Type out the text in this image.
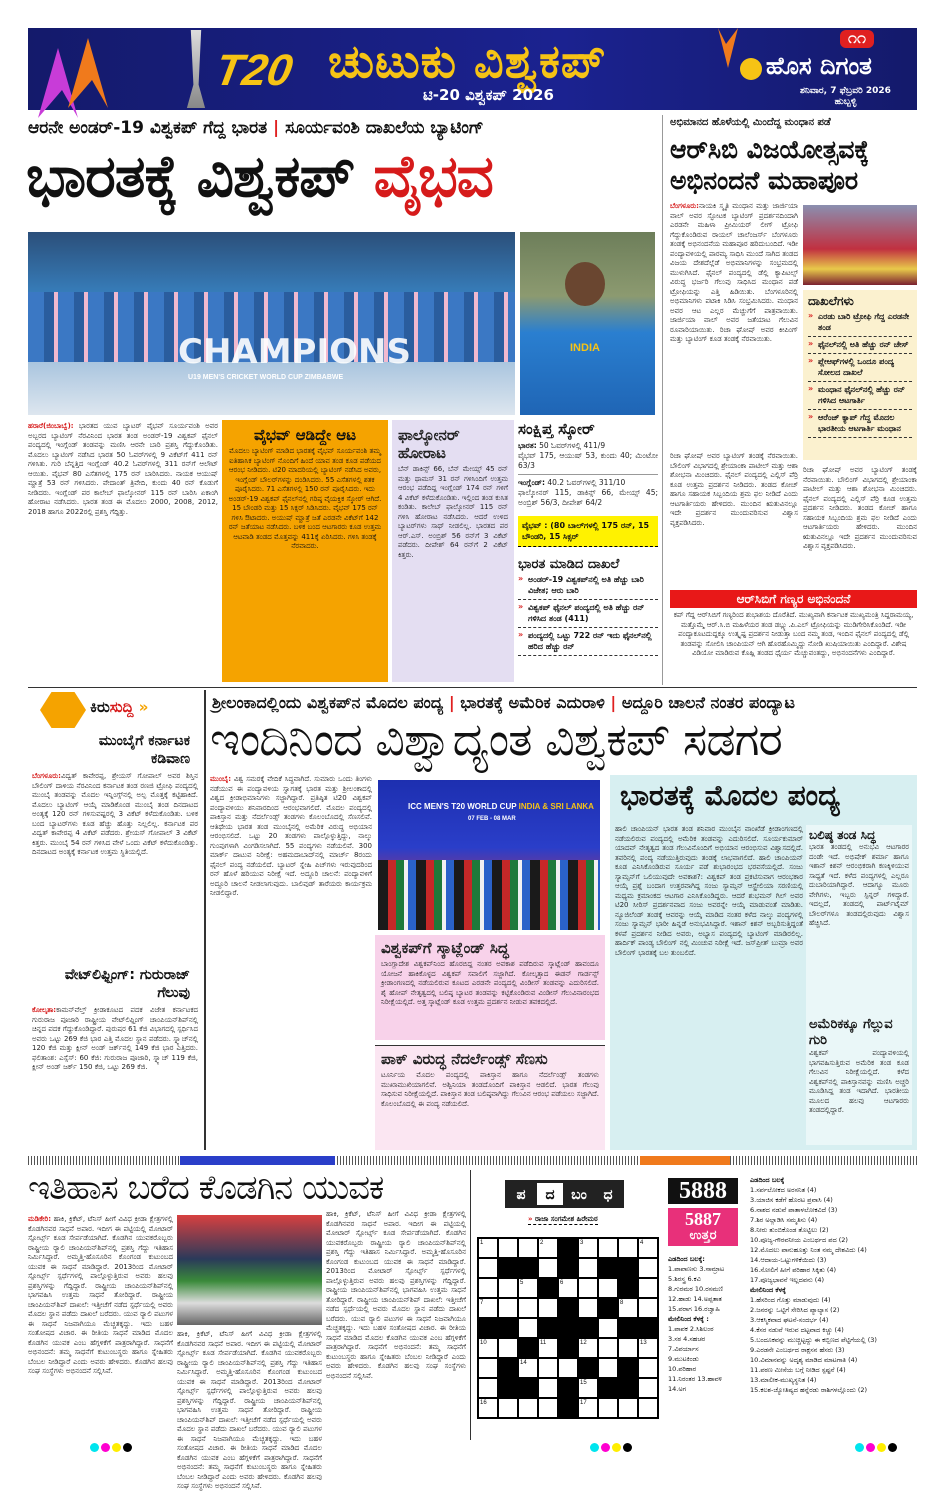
T20 ಚುಟುಕು ವಿಶ್ವಕಪ್
ಟಿ-20 ವಿಶ್ವಕಪ್ 2026
೧೧
ಹೊಸ ದಿಗಂತ
ಶನಿವಾರ, 7 ಫೆಬ್ರವರಿ 2026
ಹುಬ್ಬಳ್ಳಿ
ಆರನೇ ಅಂಡರ್-19 ವಿಶ್ವಕಪ್ ಗೆದ್ದ ಭಾರತ | ಸೂರ್ಯವಂಶಿ ದಾಖಲೆಯ ಬ್ಯಾಟಿಂಗ್
ಭಾರತಕ್ಕೆ ವಿಶ್ವಕಪ್ ವೈಭವ
CHAMPIONS
U19 MEN'S CRICKET WORLD CUP ZIMBABWE
INDIA
ಹರಾರೆ(ಜಿಂಬಾಬ್ವೆ): ಭಾರತದ ಯುವ ಬ್ಯಾಟರ್ ವೈಭವ್ ಸೂರ್ಯವಂಶಿ ಅವರ ಅಬ್ಬರದ ಬ್ಯಾಟಿಂಗ್ ನೆರವಿನಿಂದ ಭಾರತ ತಂಡ ಅಂಡರ್-19 ವಿಶ್ವಕಪ್ ಫೈನಲ್ ಪಂದ್ಯದಲ್ಲಿ ಇಂಗ್ಲೆಂಡ್ ತಂಡವನ್ನು ಮಣಿಸಿ ಆರನೇ ಬಾರಿ ಪ್ರಶಸ್ತಿ ಗೆದ್ದುಕೊಂಡಿತು. ಮೊದಲು ಬ್ಯಾಟಿಂಗ್ ನಡೆಸಿದ ಭಾರತ 50 ಓವರ್‌ಗಳಲ್ಲಿ 9 ವಿಕೆಟ್‌ಗೆ 411 ರನ್ ಗಳಿಸಿತು. ಗುರಿ ಬೆನ್ನತ್ತಿದ ಇಂಗ್ಲೆಂಡ್ 40.2 ಓವರ್‌ಗಳಲ್ಲಿ 311 ರನ್‌ಗೆ ಆಲೌಟ್ ಆಯಿತು. ವೈಭವ್ 80 ಎಸೆತಗಳಲ್ಲಿ 175 ರನ್ ಬಾರಿಸಿದರು. ನಾಯಕ ಆಯುಷ್ ಮ್ಹಾತ್ರೆ 53 ರನ್ ಗಳಿಸಿದರು. ವೇದಾಂತ್ ತ್ರಿವೇದಿ, ಕುಂದು 40 ರನ್ ಕೊಡುಗೆ ನೀಡಿದರು. ಇಂಗ್ಲೆಂಡ್ ಪರ ಕಾಲೇಬ್ ಫಾಲ್ಕೋನರ್ 115 ರನ್ ಬಾರಿಸಿ ಏಕಾಂಗಿ ಹೋರಾಟ ನಡೆಸಿದರು. ಭಾರತ ತಂಡ ಈ ಮೊದಲು 2000, 2008, 2012, 2018 ಹಾಗೂ 2022ರಲ್ಲಿ ಪ್ರಶಸ್ತಿ ಗೆದ್ದಿತ್ತು.
ವೈಭವ್ ಆಡಿದ್ದೇ ಆಟ
ಮೊದಲು ಬ್ಯಾಟಿಂಗ್ ಮಾಡಿದ ಭಾರತಕ್ಕೆ ವೈಭವ್ ಸೂರ್ಯವಂಶಿ ತಮ್ಮ ಐತಿಹಾಸಿಕ ಬ್ಯಾಟಿಂಗ್ ನೊಂದಿಗೆ ಹಿಂದೆ ಯಾವ ತಂಡ ಕೂಡ ಪಡೆಯದ ಆರಂಭ ನೀಡಿದರು. ಟಿ20 ಮಾದರಿಯಲ್ಲಿ ಬ್ಯಾಟಿಂಗ್ ನಡೆಸಿದ ಅವರು, ಇಂಗ್ಲೆಂಡ್ ಬೌಲರ್‌ಗಳನ್ನು ದಂಡಿಸಿದರು. 55 ಎಸೆತಗಳಲ್ಲಿ ಶತಕ ಪೂರೈಸಿದರು. 71 ಎಸೆತಗಳಲ್ಲಿ 150 ರನ್ ಪೂರೈಸಿದರು. ಇದು ಅಂಡರ್-19 ವಿಶ್ವಕಪ್ ಫೈನಲ್‌ನಲ್ಲಿ ಗರಿಷ್ಠ ವೈಯಕ್ತಿಕ ಸ್ಕೋರ್ ಆಗಿದೆ. 15 ಬೌಂಡರಿ ಮತ್ತು 15 ಸಿಕ್ಸರ್ ಸಿಡಿಸಿದರು. ವೈಭವ್ 175 ರನ್ ಗಳಿಸಿ ಔಟಾದರು. ಅಯುಷ್ ಮ್ಹಾತ್ರೆ ಜತೆ ಎರಡನೇ ವಿಕೆಟ್‌ಗೆ 142 ರನ್ ಜತೆಯಾಟ ನಡೆಸಿದರು. ಬಳಿಕ ಬಂದ ಆಟಗಾರರು ಕೂಡ ಉತ್ತಮ ಆಟವಾಡಿ ತಂಡದ ಮೊತ್ತವನ್ನು 411ಕ್ಕೆ ಏರಿಸಿದರು. ಗಳಿಸಿ ತಂಡಕ್ಕೆ ನೆರವಾದರು.
ಫಾಲ್ಕೋನರ್ ಹೋರಾಟ
ಬೆನ್ ಡಾಕಿನ್ಸ್ 66, ಬೆನ್ ಮೇಯ್ಸ್ 45 ರನ್ ಮತ್ತು ಥಾಮಸ್ 31 ರನ್ ಗಳಿಸಿಂದಿಗೆ ಉತ್ತಮ ಆರಂಭ ಪಡೆದಿದ್ದ ಇಂಗ್ಲೆಂಡ್ 174 ರನ್ ಗಳಿಗೆ 4 ವಿಕೆಟ್ ಕಳೆದುಕೊಂಡಿತು. ಇಲ್ಲಿಂದ ತಂಡ ಕುಸಿತ ಕಂಡಿತು. ಕಾಲೇಬ್ ಫಾಲ್ಕೋನರ್ 115 ರನ್ ಗಳಿಸಿ ಹೋರಾಟ ನಡೆಸಿದರು. ಆದರೆ ಉಳಿದ ಬ್ಯಾಟರ್‌ಗಳು ಸಾಥ್ ನೀಡಲಿಲ್ಲ. ಭಾರತದ ಪರ ಆರ್.ಎಸ್. ಅಂಬ್ರಿಶ್ 56 ರನ್‌ಗೆ 3 ವಿಕೆಟ್ ಪಡೆದರು. ದೀಪೇಶ್ 64 ರನ್‌ಗೆ 2 ವಿಕೆಟ್ ಕಿತ್ತರು.
ಸಂಕ್ಷಿಪ್ತ ಸ್ಕೋರ್
ಭಾರತ: 50 ಓವರ್‌ಗಳಲ್ಲಿ 411/9
ವೈಭವ್ 175, ಆಯುಷ್ 53, ಕುಂದು 40; ಮಿಂಟೋ 63/3
ಇಂಗ್ಲೆಂಡ್: 40.2 ಓವರ್‌ಗಳಲ್ಲಿ 311/10
ಫಾಲ್ಕೋನರ್ 115, ಡಾಕಿನ್ಸ್ 66, ಮೇಯ್ಸ್ 45; ಅಂಬ್ರಿಶ್ 56/3, ದೀಪೇಶ್ 64/2
ವೈಭವ್ : (80 ಬಾಲ್‌ಗಳಲ್ಲಿ 175 ರನ್, 15 ಬೌಂಡರಿ, 15 ಸಿಕ್ಸರ್
ಭಾರತ ಮಾಡಿದ ದಾಖಲೆ
» ಅಂಡರ್-19 ವಿಶ್ವಕಪ್‌ನಲ್ಲಿ ಅತಿ ಹೆಚ್ಚು ಬಾರಿ ವಿಜೇತ; ಆರು ಬಾರಿ
» ವಿಶ್ವಕಪ್ ಫೈನಲ್ ಪಂದ್ಯದಲ್ಲಿ ಅತಿ ಹೆಚ್ಚು ರನ್ ಗಳಿಸಿದ ತಂಡ (411)
» ಪಂದ್ಯದಲ್ಲಿ ಒಟ್ಟು 722 ರನ್ ಇದು ಫೈನಲ್‌ನಲ್ಲಿ ಹರಿದ ಹೆಚ್ಚು ರನ್
ಅಭಿಮಾನದ ಹೊಳೆಯಲ್ಲಿ ಮಿಂದೆದ್ದ ಮಂಧಾನ ಪಡೆ
ಆರ್‌ಸಿಬಿ ವಿಜಯೋತ್ಸವಕ್ಕೆ
ಅಭಿನಂದನೆ ಮಹಾಪೂರ
ಬೆಂಗಳೂರು:ನಾಯಕಿ ಸ್ಮೃತಿ ಮಂಧಾನ ಮತ್ತು ಜಾರ್ಜಿಯಾ ವಾಲ್ ಅವರ ಸ್ಫೋಟಕ ಬ್ಯಾಟಿಂಗ್ ಪ್ರದರ್ಶನದಿಂದಾಗಿ ಎರಡನೇ ಮಹಿಳಾ ಪ್ರೀಮಿಯರ್ ಲೀಗ್ ಟ್ರೋಫಿ ಗೆದ್ದುಕೊಂಡಿರುವ ರಾಯಲ್ ಚಾಲೆಂಜರ್ಸ್ ಬೆಂಗಳೂರು ತಂಡಕ್ಕೆ ಅಭಿನಂದನೆಯ ಮಹಾಪೂರ ಹರಿದುಬಂದಿದೆ. ಇಡೀ ಪಂದ್ಯಾವಳಿಯಲ್ಲಿ ಪಾರಮ್ಯ ಸಾಧಿಸಿ ಮುಂದೆ ಸಾಗಿದ ತಂಡದ ವಿಜಯ ದೇಶದೆಲ್ಲೆಡೆ ಅಭಿಮಾನಿಗಳನ್ನು ಸಂಭ್ರಮದಲ್ಲಿ ಮುಳುಗಿಸಿದೆ. ಫೈನಲ್ ಪಂದ್ಯದಲ್ಲಿ ಡೆಲ್ಲಿ ಕ್ಯಾಪಿಟಲ್ಸ್ ವಿರುದ್ಧ ಭರ್ಜರಿ ಗೆಲುವು ಸಾಧಿಸಿದ ಮಂಧಾನ ಪಡೆ ಟ್ರೋಫಿಯನ್ನು ಎತ್ತಿ ಹಿಡಿಯಿತು. ಬೆಂಗಳೂರಿನಲ್ಲಿ ಅಭಿಮಾನಿಗಳು ಪಟಾಕಿ ಸಿಡಿಸಿ ಸಂಭ್ರಮಿಸಿದರು. ಮಂಧಾನ ಅವರ ಆಟ ಎಲ್ಲರ ಮೆಚ್ಚುಗೆಗೆ ಪಾತ್ರವಾಯಿತು. ಜಾರ್ಜಿಯಾ ವಾಲ್ ಅವರ ಜತೆಯಾಟ ಗೆಲುವಿನ ರೂವಾರಿಯಾಯಿತು. ರಿಚಾ ಘೋಷ್ ಅವರ ಕೀಪಿಂಗ್ ಮತ್ತು ಬ್ಯಾಟಿಂಗ್ ಕೂಡ ತಂಡಕ್ಕೆ ನೆರವಾಯಿತು.
ದಾಖಲೆಗಳು
» ಎರಡು ಬಾರಿ ಟ್ರೋಫಿ ಗೆದ್ದ ಎರಡನೇ ತಂಡ
» ಫೈನಲ್‌ನಲ್ಲಿ ಅತಿ ಹೆಚ್ಚು ರನ್ ಚೇಸ್
» ಪ್ಲೇಆಫ್‌ಗಳಲ್ಲಿ ಒಂದೂ ಪಂದ್ಯ ಸೋಲದ ದಾಖಲೆ
» ಮಂಧಾನ ಫೈನಲ್‌ನಲ್ಲಿ ಹೆಚ್ಚು ರನ್ ಗಳಿಸಿದ ಆಟಗಾರ್ತಿ
» ಆರೆಂಜ್ ಕ್ಯಾಪ್ ಗೆದ್ದ ಮೊದಲ ಭಾರತೀಯ ಆಟಗಾರ್ತಿ ಮಂಧಾನ
ರಿಚಾ ಘೋಷ್ ಅವರ ಬ್ಯಾಟಿಂಗ್ ತಂಡಕ್ಕೆ ನೆರವಾಯಿತು. ಬೌಲಿಂಗ್ ವಿಭಾಗದಲ್ಲಿ ಶ್ರೇಯಾಂಕಾ ಪಾಟೀಲ್ ಮತ್ತು ಆಶಾ ಶೋಭನಾ ಮಿಂಚಿದರು. ಫೈನಲ್ ಪಂದ್ಯದಲ್ಲಿ ಎಲ್ಲಿಸ್ ಪೆರ್ರಿ ಕೂಡ ಉತ್ತಮ ಪ್ರದರ್ಶನ ನೀಡಿದರು. ತಂಡದ ಕೋಚ್ ಹಾಗೂ ಸಹಾಯಕ ಸಿಬ್ಬಂದಿಯ ಶ್ರಮ ಫಲ ನೀಡಿದೆ ಎಂದು ಆಟಗಾರ್ತಿಯರು ಹೇಳಿದರು. ಮುಂದಿನ ಋತುವಿನಲ್ಲೂ ಇದೇ ಪ್ರದರ್ಶನ ಮುಂದುವರಿಸುವ ವಿಶ್ವಾಸ ವ್ಯಕ್ತಪಡಿಸಿದರು.
ರಿಚಾ ಘೋಷ್ ಅವರ ಬ್ಯಾಟಿಂಗ್ ತಂಡಕ್ಕೆ ನೆರವಾಯಿತು. ಬೌಲಿಂಗ್ ವಿಭಾಗದಲ್ಲಿ ಶ್ರೇಯಾಂಕಾ ಪಾಟೀಲ್ ಮತ್ತು ಆಶಾ ಶೋಭನಾ ಮಿಂಚಿದರು. ಫೈನಲ್ ಪಂದ್ಯದಲ್ಲಿ ಎಲ್ಲಿಸ್ ಪೆರ್ರಿ ಕೂಡ ಉತ್ತಮ ಪ್ರದರ್ಶನ ನೀಡಿದರು. ತಂಡದ ಕೋಚ್ ಹಾಗೂ ಸಹಾಯಕ ಸಿಬ್ಬಂದಿಯ ಶ್ರಮ ಫಲ ನೀಡಿದೆ ಎಂದು ಆಟಗಾರ್ತಿಯರು ಹೇಳಿದರು. ಮುಂದಿನ ಋತುವಿನಲ್ಲೂ ಇದೇ ಪ್ರದರ್ಶನ ಮುಂದುವರಿಸುವ ವಿಶ್ವಾಸ ವ್ಯಕ್ತಪಡಿಸಿದರು.
ಆರ್‌ಸಿಬಿಗೆ ಗಣ್ಯರ ಅಭಿನಂದನೆ
ಕಪ್ ಗೆದ್ದ ಆರ್‌ಸಿಬಿಗೆ ಗಣ್ಯರಿಂದ ಶುಭಾಶಯ ದೊರೆತಿದೆ. ಮುಖ್ಯವಾಗಿ ಕರ್ನಾಟಕ ಮುಖ್ಯಮಂತ್ರಿ ಸಿದ್ದರಾಮಯ್ಯ, ಮತ್ತೊಮ್ಮೆ ಆರ್.ಸಿ.ಬಿ ಮಹಿಳೆಯರ ತಂಡ ಡಬ್ಲ್ಯು.ಪಿ.ಎಲ್ ಟ್ರೋಫಿಯನ್ನು ಮುಡಿಗೇರಿಸಿಕೊಂಡಿದೆ. ಇಡೀ ಪಂದ್ಯಾಕೂಟದುದ್ದಕ್ಕೂ ಉತ್ಕೃಷ್ಟ ಪ್ರದರ್ಶನ ನೀಡುತ್ತಾ ಬಂದ ನಮ್ಮ ತಂಡ, ಇಂದಿನ ಫೈನಲ್ ಪಂದ್ಯದಲ್ಲಿ ಡೆಲ್ಲಿ ತಂಡವನ್ನು ಸೋಲಿಸಿ ಚಾಂಪಿಯನ್ ಆಗಿ ಹೊರಹೊಮ್ಮಿದ್ದು ನೋಡಿ ಖುಷಿಯಾಯಿತು ಎಂದಿದ್ದಾರೆ. ವಿಶೇಷ ವಿಡಿಯೋ ಮಾಡಿರುವ ಕೊಹ್ಲಿ ತಂಡದ ಧೈರ್ಯ ಮೆಚ್ಚುವಂತದ್ದು, ಅಭಿನಂದನೆಗಳು ಎಂದಿದ್ದಾರೆ.
ಕಿರುಸುದ್ದಿ »
ಮುಂಬೈಗೆ ಕರ್ನಾಟಕ ಕಡಿವಾಣ
ಬೆಂಗಳೂರು:ವಿದ್ವತ್ ಕಾವೇರಪ್ಪ, ಶ್ರೇಯಸ್ ಗೋಪಾಲ್ ಅವರ ಶಿಸ್ತಿನ ಬೌಲಿಂಗ್ ದಾಳಿಯ ನೆರವಿನಿಂದ ಕರ್ನಾಟಕ ತಂಡ ರಣಜಿ ಟ್ರೋಫಿ ಪಂದ್ಯದಲ್ಲಿ ಮುಂಬೈ ತಂಡವನ್ನು ಮೊದಲ ಇನ್ನಿಂಗ್ಸ್‌ನಲ್ಲಿ ಅಲ್ಪ ಮೊತ್ತಕ್ಕೆ ಕಟ್ಟಿಹಾಕಿದೆ. ಮೊದಲು ಬ್ಯಾಟಿಂಗ್ ಆಯ್ಕೆ ಮಾಡಿಕೊಂಡ ಮುಂಬೈ ತಂಡ ದಿನದಾಟದ ಅಂತ್ಯಕ್ಕೆ 120 ರನ್ ಗಳಿಸುವಷ್ಟರಲ್ಲಿ 3 ವಿಕೆಟ್ ಕಳೆದುಕೊಂಡಿತು. ಬಳಿಕ ಬಂದ ಬ್ಯಾಟರ್‌ಗಳು ಕೂಡ ಹೆಚ್ಚು ಹೊತ್ತು ನಿಲ್ಲಲಿಲ್ಲ. ಕರ್ನಾಟಕ ಪರ ವಿದ್ವತ್ ಕಾವೇರಪ್ಪ 4 ವಿಕೆಟ್ ಪಡೆದರು. ಶ್ರೇಯಸ್ ಗೋಪಾಲ್ 3 ವಿಕೆಟ್ ಕಿತ್ತರು. ಮುಂಬೈ 54 ರನ್ ಗಳಿಸಿದ ವೇಳೆ ಒಂದು ವಿಕೆಟ್ ಕಳೆದುಕೊಂಡಿತ್ತು. ದಿನದಾಟದ ಅಂತ್ಯಕ್ಕೆ ಕರ್ನಾಟಕ ಉತ್ತಮ ಸ್ಥಿತಿಯಲ್ಲಿದೆ.
ವೇಟ್‌ಲಿಫ್ಟಿಂಗ್: ಗುರುರಾಜ್ ಗೆಲುವು
ಕೋಲ್ಕತಾ:ಕಾಮನ್‌ವೆಲ್ತ್ ಕ್ರೀಡಾಕೂಟದ ಪದಕ ವಿಜೇತ ಕರ್ನಾಟಕದ ಗುರುರಾಜ ಪೂಜಾರಿ ರಾಷ್ಟ್ರೀಯ ವೇಟ್‌ಲಿಫ್ಟಿಂಗ್ ಚಾಂಪಿಯನ್‌ಶಿಪ್‌ನಲ್ಲಿ ಚಿನ್ನದ ಪದಕ ಗೆದ್ದುಕೊಂಡಿದ್ದಾರೆ. ಪುರುಷರ 61 ಕೆಜಿ ವಿಭಾಗದಲ್ಲಿ ಸ್ಪರ್ಧಿಸಿದ ಅವರು ಒಟ್ಟು 269 ಕೆಜಿ ಭಾರ ಎತ್ತಿ ಮೊದಲ ಸ್ಥಾನ ಪಡೆದರು. ಸ್ನ್ಯಾಚ್‌ನಲ್ಲಿ 120 ಕೆಜಿ ಮತ್ತು ಕ್ಲೀನ್ ಅಂಡ್ ಜರ್ಕ್‌ನಲ್ಲಿ 149 ಕೆಜಿ ಭಾರ ಎತ್ತಿದರು. ಫಲಿತಾಂಶ: ಎಸ್ಸೆಸ್: 60 ಕೆಜಿ: ಗುರುರಾಜ ಪೂಜಾರಿ, ಸ್ನ್ಯಾಚ್ 119 ಕೆಜಿ, ಕ್ಲೀನ್ ಅಂಡ್ ಜರ್ಕ್ 150 ಕೆಜಿ, ಒಟ್ಟು 269 ಕೆಜಿ.
ಶ್ರೀಲಂಕಾದಲ್ಲಿಂದು ವಿಶ್ವಕಪ್‌ನ ಮೊದಲ ಪಂದ್ಯ | ಭಾರತಕ್ಕೆ ಅಮೆರಿಕ ಎದುರಾಳಿ | ಅದ್ದೂರಿ ಚಾಲನೆ ನಂತರ ಪಂದ್ಯಾಟ
ಇಂದಿನಿಂದ ವಿಶ್ವಾದ್ಯಂತ ವಿಶ್ವಕಪ್ ಸಡಗರ
ಮುಂಬೈ: ವಿಶ್ವ ಸಮರಕ್ಕೆ ವೇದಿಕೆ ಸಿದ್ಧವಾಗಿದೆ. ಸುಮಾರು ಒಂದು ತಿಂಗಳು ನಡೆಯುವ ಈ ಪಂದ್ಯಾವಳಿಯ ಸ್ವಾಗತಕ್ಕೆ ಭಾರತ ಮತ್ತು ಶ್ರೀಲಂಕಾದಲ್ಲಿ ವಿಶ್ವದ ಕ್ರೀಡಾಭಿಮಾನಿಗಳು ಸಜ್ಜಾಗಿದ್ದಾರೆ. ಪ್ರತಿಷ್ಠಿತ ಟಿ20 ವಿಶ್ವಕಪ್ ಪಂದ್ಯಾವಳಿಯು ಶನಿವಾರದಿಂದ ಆರಂಭವಾಗಲಿದೆ. ಮೊದಲ ಪಂದ್ಯದಲ್ಲಿ ಪಾಕಿಸ್ತಾನ ಮತ್ತು ನೆದರ್ಲೆಂಡ್ಸ್ ತಂಡಗಳು ಕೊಲಂಬೊದಲ್ಲಿ ಸೆಣಸಲಿವೆ. ಆತಿಥೇಯ ಭಾರತ ತಂಡ ಮುಂಬೈನಲ್ಲಿ ಅಮೆರಿಕ ವಿರುದ್ಧ ಅಭಿಯಾನ ಆರಂಭಿಸಲಿದೆ. ಒಟ್ಟು 20 ತಂಡಗಳು ಪಾಲ್ಗೊಳ್ಳುತ್ತಿದ್ದು, ನಾಲ್ಕು ಗುಂಪುಗಳಾಗಿ ವಿಂಗಡಿಸಲಾಗಿದೆ. 55 ಪಂದ್ಯಗಳು ನಡೆಯಲಿವೆ. 300 ಮಾರ್ಕ್ ದಾಟುವ ನಿರೀಕ್ಷೆ: ಅಹಮದಾಬಾದ್‌ನಲ್ಲಿ ಮಾರ್ಚ್ 8ರಂದು ಫೈನಲ್ ಪಂದ್ಯ ನಡೆಯಲಿದೆ. ಬ್ಯಾಟರ್ ಸ್ನೇಹಿ ಪಿಚ್‌ಗಳು ಇರುವುದರಿಂದ ರನ್ ಹೊಳೆ ಹರಿಯುವ ನಿರೀಕ್ಷೆ ಇದೆ. ಅದ್ದೂರಿ ಚಾಲನೆ: ಪಂದ್ಯಾವಳಿಗೆ ಅದ್ದೂರಿ ಚಾಲನೆ ನೀಡಲಾಗುವುದು. ಬಾಲಿವುಡ್ ತಾರೆಯರು ಕಾರ್ಯಕ್ರಮ ನೀಡಲಿದ್ದಾರೆ.
ICC MEN'S T20 WORLD CUP INDIA & SRI LANKA
07 FEB - 08 MAR
ವಿಶ್ವಕಪ್‌ಗೆ ಸ್ಕಾಟ್ಲೆಂಡ್ ಸಿದ್ಧ
ಬಾಂಗ್ಲಾದೇಶ ವಿಶ್ವಕಪ್‌ನಿಂದ ಹೊರಬಿದ್ದ ನಂತರ ಅವಕಾಶ ಪಡೆದಿರುವ ಸ್ಕಾಟ್ಲೆಂಡ್ ಹಾವಂದೂ ಯೋಜನೆ ಹಾಕಿಕೊಳ್ಳದ ವಿಶ್ವಕಪ್ ಸವಾಲಿಗೆ ಸಜ್ಜಾಗಿದೆ. ಕೋಲ್ಕತ್ತಾದ ಈಡನ್ ಗಾರ್ಡನ್ಸ್ ಕ್ರೀಡಾಂಗಣದಲ್ಲಿ ನಡೆಯಲಿರುವ ಕೂಟದ ಎರಡನೇ ಪಂದ್ಯದಲ್ಲಿ ವಿಂಡೀಸ್ ತಂಡವನ್ನು ಎದುರಿಸಲಿದೆ. ಶೈ ಹೋಪ್ ನೇತೃತ್ವದಲ್ಲಿ ಬಲಿಷ್ಠ ಬ್ಯಾಟರ ತಂಡವನ್ನು ಕಟ್ಟಿಕೊಂಡಿರುವ ವಿಂಡೀಸ್ ಗೆಲುವಿನಾರಂಭದ ನಿರೀಕ್ಷೆಯಲ್ಲಿದೆ. ಅತ್ತ ಸ್ಕಾಟ್ಲೆಂಡ್ ಕೂಡ ಉತ್ತಮ ಪ್ರದರ್ಶನ ನೀಡುವ ತವಕದಲ್ಲಿದೆ.
ಪಾಕ್ ವಿರುದ್ಧ ನೆದರ್ಲೆಂಡ್ಸ್ ಸೆಣಸು
ಟೂರ್ನಿಯ ಮೊದಲ ಪಂದ್ಯದಲ್ಲಿ ಪಾಕಿಸ್ತಾನ ಹಾಗೂ ನೆದರ್ಲೆಂಡ್ಸ್ ತಂಡಗಳು ಮುಖಾಮುಖಿಯಾಗಲಿವೆ. ಅಶ್ವಿನಿಯಾ ತಂಡದೊಂದಿಗೆ ಪಾಕಿಸ್ತಾನ ಆಡಲಿದೆ. ಭಾರತ ಗೆಲುವು ಸಾಧಿಸುವ ನಿರೀಕ್ಷೆಯಲ್ಲಿದೆ. ಪಾಕಿಸ್ತಾನ ತಂಡ ಬಲಿಷ್ಠವಾಗಿದ್ದು ಗೆಲುವಿನ ಆರಂಭ ಪಡೆಯಲು ಸಜ್ಜಾಗಿದೆ. ಕೊಲಂಬೊದಲ್ಲಿ ಈ ಪಂದ್ಯ ನಡೆಯಲಿದೆ.
ಭಾರತಕ್ಕೆ ಮೊದಲ ಪಂದ್ಯ
ಹಾಲಿ ಚಾಂಪಿಯನ್ ಭಾರತ ತಂಡ ಶನಿವಾರ ಮುಂಬೈನ ವಾಂಖೆಡೆ ಕ್ರೀಡಾಂಗಣದಲ್ಲಿ ನಡೆಯಲಿರುವ ಪಂದ್ಯದಲ್ಲಿ ಅಮೆರಿಕ ತಂಡವನ್ನು ಎದುರಿಸಲಿದೆ. ಸೂರ್ಯಕುಮಾರ್ ಯಾದವ್ ನೇತೃತ್ವದ ತಂಡ ಗೆಲುವಿನೊಂದಿಗೆ ಅಭಿಯಾನ ಆರಂಭಿಸುವ ವಿಶ್ವಾಸದಲ್ಲಿದೆ. ತವರಿನಲ್ಲಿ ಪಂದ್ಯ ನಡೆಯುತ್ತಿರುವುದು ತಂಡಕ್ಕೆ ಲಾಭವಾಗಲಿದೆ. ಹಾಲಿ ಚಾಂಪಿಯನ್ ಕೂಡ ಎನಿಸಿಕೊಂಡಿರುವ ಸೂರ್ಯ ಪಡೆ ಶುಭಾರಂಭದ ಭರವಸೆಯಲ್ಲಿದೆ. ಸಂಜು ಸ್ಯಾಮ್ಸನ್‌ಗೆ ಒಲಿಯುವುದೇ ಅವಕಾಶ?: ವಿಶ್ವಕಪ್ ತಂಡ ಪ್ರಕಟಿಸುವಾಗ ಆರಂಭಕಾರ ಆಯ್ಕೆ ಪ್ರಶ್ನೆ ಬಂದಾಗ ಉತ್ತರವಾಗಿದ್ದ ಸಂಜು ಸ್ಯಾಮ್ಸನ್ ಆಸ್ಟ್ರೇಲಿಯಾ ಸರಣಿಯಲ್ಲಿ ಮಧ್ಯಮ ಕ್ರಮಾಂಕದ ಆಟಗಾರ ಎನಿಸಿಕೊಂಡಿದ್ದರು. ಆದರೆ ಶುಭಮನ್ ಗಿಲ್ ಅವರ ಟಿ20 ಸೀರಿಸ್ ಪ್ರದರ್ಶನವಾದ ಸಂಜು ಅವರನ್ನೇ ಆಯ್ಕೆ ಮಾಡುವಂತೆ ಮಾಡಿತು. ನ್ಯೂಜಿಲೆಂಡ್ ತಂಡಕ್ಕೆ ಆವರನ್ನು ಆಯ್ಕೆ ಮಾಡಿದ ನಂತರ ಕಳೆದ ನಾಲ್ಕು ಪಂದ್ಯಗಳಲ್ಲಿ ಸಂಜು ಸ್ಯಾಮ್ಸನ್ ಭಾರೀ ಹಿನ್ನಡೆ ಅನುಭವಿಸಿದ್ದಾರೆ. ಇಶಾನ್ ಕಿಶನ್ ಅಬ್ಬರಿಸುತ್ತಿದ್ದಂತೆ ಕಳಪೆ ಪ್ರದರ್ಶನ ನೀಡಿದ ಅವರು, ಅಭ್ಯಾಸ ಪಂದ್ಯದಲ್ಲಿ ಬ್ಯಾಟಿಂಗ್ ಮಾಡಿರಲಿಲ್ಲ. ಹಾರ್ದಿಕ್ ಪಾಂಡ್ಯ ಬೌಲಿಂಗ್ ನಲ್ಲಿ ಮಿಂಚುವ ನಿರೀಕ್ಷೆ ಇದೆ. ಜಸ್‌ಪ್ರೀತ್ ಬುಮ್ರಾ ಅವರ ಬೌಲಿಂಗ್ ಭಾರತಕ್ಕೆ ಬಲ ತುಂಬಲಿದೆ.
ಬಲಿಷ್ಠ ತಂಡ ಸಿದ್ಧ
ಭಾರತ ತಂಡದಲ್ಲಿ ಅನುಭವಿ ಆಟಗಾರರ ದಂಡೇ ಇದೆ. ಅಭಿಷೇಕ್ ಶರ್ಮಾ ಹಾಗೂ ಇಶಾನ್ ಕಿಶನ್ ಆರಂಭಿಕರಾಗಿ ಕಣಕ್ಕಿಳಿಯುವ ಸಾಧ್ಯತೆ ಇದೆ. ಕಳೆದ ಪಂದ್ಯಗಳಲ್ಲಿ ಎಲ್ಲರೂ ದುಬಾರಿಯಾಗಿದ್ದಾರೆ. ಆದಾಗ್ಯೂ ಮೂರು ವೇಗಿಗಳು, ಇಬ್ಬರು ಸ್ಪಿನ್ನರ್ ಗಳಿದ್ದಾರೆ. ಇದಲ್ಲದೆ, ತಂಡದಲ್ಲಿ ಪಾರ್ಟ್‌ಟೈಮ್ ಬೌಲರ್‌ಗಳೂ ತಂಡದಲ್ಲಿರುವುದು ವಿಶ್ವಾಸ ಹೆಚ್ಚಿಸಿದೆ.
ಅಮೆರಿಕಕ್ಕೂ ಗೆಲ್ಲುವ ಗುರಿ
ವಿಶ್ವಕಪ್ ಪಂದ್ಯಾವಳಿಯಲ್ಲಿ ಭಾಗವಹಿಸುತ್ತಿರುವ ಅಮೆರಿಕ ತಂಡ ಕೂಡ ಗೆಲುವಿನ ನಿರೀಕ್ಷೆಯಲ್ಲಿದೆ. ಕಳೆದ ವಿಶ್ವಕಪ್‌ನಲ್ಲಿ ಪಾಕಿಸ್ತಾನವನ್ನು ಮಣಿಸಿ ಅಚ್ಚರಿ ಮೂಡಿಸಿದ್ದ ತಂಡ ಇದಾಗಿದೆ. ಭಾರತೀಯ ಮೂಲದ ಹಲವು ಆಟಗಾರರು ತಂಡದಲ್ಲಿದ್ದಾರೆ.
ಇತಿಹಾಸ ಬರೆದ ಕೊಡಗಿನ ಯುವಕ
ಮಡಿಕೇರಿ: ಹಾಕಿ, ಕ್ರಿಕೆಟ್, ಟೆನಿಸ್ ಹೀಗೆ ವಿವಿಧ ಕ್ರೀಡಾ ಕ್ಷೇತ್ರಗಳಲ್ಲಿ ಕೊಡಗಿನವರ ಸಾಧನೆ ಅಪಾರ. ಇದೀಗ ಈ ಪಟ್ಟಿಯಲ್ಲಿ ಮೋಟಾರ್ ಸ್ಪೋರ್ಟ್ಸ್ ಕೂಡ ಸೇರ್ಪಡೆಯಾಗಿದೆ. ಕೊಡಗಿನ ಯುವಕರೊಬ್ಬರು ರಾಷ್ಟ್ರೀಯ ರ‍್ಯಾಲಿ ಚಾಂಪಿಯನ್‌ಶಿಪ್‌ನಲ್ಲಿ ಪ್ರಶಸ್ತಿ ಗೆದ್ದು ಇತಿಹಾಸ ನಿರ್ಮಿಸಿದ್ದಾರೆ. ಅಮ್ಮತ್ತಿ-ಹೊಸೂರಿನ ಕೊಂಗಂಡ ಕುಟುಂಬದ ಯುವಕ ಈ ಸಾಧನೆ ಮಾಡಿದ್ದಾರೆ. 2013ರಿಂದ ಮೋಟಾರ್ ಸ್ಪೋರ್ಟ್ಸ್ ಸ್ಪರ್ಧೆಗಳಲ್ಲಿ ಪಾಲ್ಗೊಳ್ಳುತ್ತಿರುವ ಅವರು ಹಲವು ಪ್ರಶಸ್ತಿಗಳನ್ನು ಗೆದ್ದಿದ್ದಾರೆ. ರಾಷ್ಟ್ರೀಯ ಚಾಂಪಿಯನ್‌ಶಿಪ್‌ನಲ್ಲಿ ಭಾಗವಹಿಸಿ ಉತ್ತಮ ಸಾಧನೆ ತೋರಿದ್ದಾರೆ. ರಾಷ್ಟ್ರೀಯ ಚಾಂಪಿಯನ್‌ಶಿಪ್ ದಾಖಲೆ: ಇತ್ತೀಚೆಗೆ ನಡೆದ ಸ್ಪರ್ಧೆಯಲ್ಲಿ ಅವರು ಮೊದಲ ಸ್ಥಾನ ಪಡೆದು ದಾಖಲೆ ಬರೆದರು. ಯುವ ರ‍್ಯಾಲಿ ಪಟುಗಳ ಈ ಸಾಧನೆ ನಿಜವಾಗಿಯೂ ಮೆಚ್ಚತಕ್ಕದ್ದು. ಇದು ಬಹಳ ಸಂತೋಷದ ವಿಚಾರ. ಈ ರೀತಿಯ ಸಾಧನೆ ಮಾಡಿದ ಮೊದಲ ಕೊಡಗಿನ ಯುವಕ ಎಂಬ ಹೆಗ್ಗಳಿಕೆಗೆ ಪಾತ್ರರಾಗಿದ್ದಾರೆ. ಸಾಧನೆಗೆ ಅಭಿನಂದನೆ: ತಮ್ಮ ಸಾಧನೆಗೆ ಕುಟುಂಬಸ್ಥರು ಹಾಗೂ ಸ್ನೇಹಿತರು ಬೆಂಬಲ ನೀಡಿದ್ದಾರೆ ಎಂದು ಅವರು ಹೇಳಿದರು. ಕೊಡಗಿನ ಹಲವು ಸಂಘ ಸಂಸ್ಥೆಗಳು ಅಭಿನಂದನೆ ಸಲ್ಲಿಸಿವೆ.
ಹಾಕಿ, ಕ್ರಿಕೆಟ್, ಟೆನಿಸ್ ಹೀಗೆ ವಿವಿಧ ಕ್ರೀಡಾ ಕ್ಷೇತ್ರಗಳಲ್ಲಿ ಕೊಡಗಿನವರ ಸಾಧನೆ ಅಪಾರ. ಇದೀಗ ಈ ಪಟ್ಟಿಯಲ್ಲಿ ಮೋಟಾರ್ ಸ್ಪೋರ್ಟ್ಸ್ ಕೂಡ ಸೇರ್ಪಡೆಯಾಗಿದೆ. ಕೊಡಗಿನ ಯುವಕರೊಬ್ಬರು ರಾಷ್ಟ್ರೀಯ ರ‍್ಯಾಲಿ ಚಾಂಪಿಯನ್‌ಶಿಪ್‌ನಲ್ಲಿ ಪ್ರಶಸ್ತಿ ಗೆದ್ದು ಇತಿಹಾಸ ನಿರ್ಮಿಸಿದ್ದಾರೆ. ಅಮ್ಮತ್ತಿ-ಹೊಸೂರಿನ ಕೊಂಗಂಡ ಕುಟುಂಬದ ಯುವಕ ಈ ಸಾಧನೆ ಮಾಡಿದ್ದಾರೆ. 2013ರಿಂದ ಮೋಟಾರ್ ಸ್ಪೋರ್ಟ್ಸ್ ಸ್ಪರ್ಧೆಗಳಲ್ಲಿ ಪಾಲ್ಗೊಳ್ಳುತ್ತಿರುವ ಅವರು ಹಲವು ಪ್ರಶಸ್ತಿಗಳನ್ನು ಗೆದ್ದಿದ್ದಾರೆ. ರಾಷ್ಟ್ರೀಯ ಚಾಂಪಿಯನ್‌ಶಿಪ್‌ನಲ್ಲಿ ಭಾಗವಹಿಸಿ ಉತ್ತಮ ಸಾಧನೆ ತೋರಿದ್ದಾರೆ. ರಾಷ್ಟ್ರೀಯ ಚಾಂಪಿಯನ್‌ಶಿಪ್ ದಾಖಲೆ: ಇತ್ತೀಚೆಗೆ ನಡೆದ ಸ್ಪರ್ಧೆಯಲ್ಲಿ ಅವರು ಮೊದಲ ಸ್ಥಾನ ಪಡೆದು ದಾಖಲೆ ಬರೆದರು. ಯುವ ರ‍್ಯಾಲಿ ಪಟುಗಳ ಈ ಸಾಧನೆ ನಿಜವಾಗಿಯೂ ಮೆಚ್ಚತಕ್ಕದ್ದು. ಇದು ಬಹಳ ಸಂತೋಷದ ವಿಚಾರ. ಈ ರೀತಿಯ ಸಾಧನೆ ಮಾಡಿದ ಮೊದಲ ಕೊಡಗಿನ ಯುವಕ ಎಂಬ ಹೆಗ್ಗಳಿಕೆಗೆ ಪಾತ್ರರಾಗಿದ್ದಾರೆ. ಸಾಧನೆಗೆ ಅಭಿನಂದನೆ: ತಮ್ಮ ಸಾಧನೆಗೆ ಕುಟುಂಬಸ್ಥರು ಹಾಗೂ ಸ್ನೇಹಿತರು ಬೆಂಬಲ ನೀಡಿದ್ದಾರೆ ಎಂದು ಅವರು ಹೇಳಿದರು. ಕೊಡಗಿನ ಹಲವು ಸಂಘ ಸಂಸ್ಥೆಗಳು ಅಭಿನಂದನೆ ಸಲ್ಲಿಸಿವೆ.
ಹಾಕಿ, ಕ್ರಿಕೆಟ್, ಟೆನಿಸ್ ಹೀಗೆ ವಿವಿಧ ಕ್ರೀಡಾ ಕ್ಷೇತ್ರಗಳಲ್ಲಿ ಕೊಡಗಿನವರ ಸಾಧನೆ ಅಪಾರ. ಇದೀಗ ಈ ಪಟ್ಟಿಯಲ್ಲಿ ಮೋಟಾರ್ ಸ್ಪೋರ್ಟ್ಸ್ ಕೂಡ ಸೇರ್ಪಡೆಯಾಗಿದೆ. ಕೊಡಗಿನ ಯುವಕರೊಬ್ಬರು ರಾಷ್ಟ್ರೀಯ ರ‍್ಯಾಲಿ ಚಾಂಪಿಯನ್‌ಶಿಪ್‌ನಲ್ಲಿ ಪ್ರಶಸ್ತಿ ಗೆದ್ದು ಇತಿಹಾಸ ನಿರ್ಮಿಸಿದ್ದಾರೆ. ಅಮ್ಮತ್ತಿ-ಹೊಸೂರಿನ ಕೊಂಗಂಡ ಕುಟುಂಬದ ಯುವಕ ಈ ಸಾಧನೆ ಮಾಡಿದ್ದಾರೆ. 2013ರಿಂದ ಮೋಟಾರ್ ಸ್ಪೋರ್ಟ್ಸ್ ಸ್ಪರ್ಧೆಗಳಲ್ಲಿ ಪಾಲ್ಗೊಳ್ಳುತ್ತಿರುವ ಅವರು ಹಲವು ಪ್ರಶಸ್ತಿಗಳನ್ನು ಗೆದ್ದಿದ್ದಾರೆ. ರಾಷ್ಟ್ರೀಯ ಚಾಂಪಿಯನ್‌ಶಿಪ್‌ನಲ್ಲಿ ಭಾಗವಹಿಸಿ ಉತ್ತಮ ಸಾಧನೆ ತೋರಿದ್ದಾರೆ. ರಾಷ್ಟ್ರೀಯ ಚಾಂಪಿಯನ್‌ಶಿಪ್ ದಾಖಲೆ: ಇತ್ತೀಚೆಗೆ ನಡೆದ ಸ್ಪರ್ಧೆಯಲ್ಲಿ ಅವರು ಮೊದಲ ಸ್ಥಾನ ಪಡೆದು ದಾಖಲೆ ಬರೆದರು. ಯುವ ರ‍್ಯಾಲಿ ಪಟುಗಳ ಈ ಸಾಧನೆ ನಿಜವಾಗಿಯೂ ಮೆಚ್ಚತಕ್ಕದ್ದು. ಇದು ಬಹಳ ಸಂತೋಷದ ವಿಚಾರ. ಈ ರೀತಿಯ ಸಾಧನೆ ಮಾಡಿದ ಮೊದಲ ಕೊಡಗಿನ ಯುವಕ ಎಂಬ ಹೆಗ್ಗಳಿಕೆಗೆ ಪಾತ್ರರಾಗಿದ್ದಾರೆ. ಸಾಧನೆಗೆ ಅಭಿನಂದನೆ: ತಮ್ಮ ಸಾಧನೆಗೆ ಕುಟುಂಬಸ್ಥರು ಹಾಗೂ ಸ್ನೇಹಿತರು ಬೆಂಬಲ ನೀಡಿದ್ದಾರೆ ಎಂದು ಅವರು ಹೇಳಿದರು. ಕೊಡಗಿನ ಹಲವು ಸಂಘ ಸಂಸ್ಥೆಗಳು ಅಭಿನಂದನೆ ಸಲ್ಲಿಸಿವೆ.
ಪ	ದ	ಬಂ	ಧ
» ರಾಜಾ ಸಂಗಮೇಶ ಹಿರೇಮಠ
1	2	3	4
5	6
7	8
10	11	12	13
14
15
16	17
5888
5887
ಉತ್ತರ
ಎಡದಿಂದ ಬಲಕ್ಕೆ:
1.ಪಾಪಾಣಸು 3.ಸಾಮ್ರಾಟ
5.ಶಿರಸ್ತ್ರ 6.ಕವಿ
8.ಗುರಮಠ 10.ರಸಮಣಿ
12.ಹಾಡು 14.ಅಪ್ಪತಾತ
15.ಪರಾಗ 16.ರಜ್ವಾಹಿ
ಮೇಲಿನಿಂದ ಕೆಳಕ್ಕೆ :
1.ಪಾಪಕ 2.ಸಿಶಿಲಂಠ
3.ಸಠ 4.ಸಹಚರ
7.ವಿಪರ್ಯಾಸ
9.ಮುಟಕಿಂಡು
10.ಪರಿಹಾರ
11.ನಿರಂತರ 13.ಹಾವಳಿ
14.ಅಗ
ಎಡದಿಂದ ಬಲಕ್ಕೆ
1.ಸರ್ಪಲೋಕದ ಅರಸನಿತ (4)
3.ಯಾಜಿಸ ಕಡೆಗೆ ಹೊರಟ ಪ್ರವಾಸಿ (4)
6.ನಾಶದ ನಡುವೆ ಪಾತಾಳಲೋಕವಿದೆ (3)
7.ಶಿರ ಅಲ್ಲಾಡಿಸಿ ಸಮ್ಮತಿಸು (4)
8.ನೀರು ತುಂಬಿಕೊಂಡ ತೊಟ್ಟಿಲು (2)
10.ಪೂಜ್ಯ-ಗೌರವನೀಯ ಎಂಬರ್ಥದ ಪದ (2)
12.ಮೊದಲು ಪಾನುಹೂತ್ತು ನಿಂತ ನಮ್ಮ ದೇಶವಿದು (4)
14.ಆದಾಯ-ಒಟ್ಟುಗಳಿಕೆಯಿದು (3)
16.ಸೋಲಿಗೆ ಹೀಗೆ ಪರಿಹಾರ ಸಿಕ್ಕಿತು (4)
17.ಪೂಜ್ಯಭಾವನೆ ಇಲ್ಲದವನು (4)
ಮೇಲಿನಿಂದ ಕೆಳಕ್ಕೆ
1.ಹೆಸರಿಂದ ಗೊತ್ತು ಮಾಡುವುದು (4)
2.ಜನರನ್ನು ಒಟ್ಟಿಗೆ ಸೇರಿಸಿದ ಪ್ಯಾಲ್ಯಾಸ (2)
3.ಆಕಸ್ಮಿಕವಾದ ಘಟನೆ-ಸಂದರ್ಭ (4)
4.ಕೆಸರ ನಡುವೆ ಇರುವ ದಟ್ಟವಾದ ಕಿಚ್ಚು (4)
5.ಬಂದೂಕವನ್ನು ಮುಚ್ಚಿಟ್ಟದ್ದು ಈ ಕಬ್ಬಿಣದ ಪೆಟ್ಟಿಗೆಯಲ್ಲಿ (3)
9.ಎರಡನೇ ಎಂಬರ್ಥದ ರಾಕ್ಷಸನ ಹೆಸರು (3)
10.ವಿಮಾನವನ್ನು ಅದೃಶ್ಯ ಮಾಡಿದ ಮಾಟಗಾತಿ (4)
11.ಪಠಣ ಮೀಸೆಯ ಬಗ್ಗೆ ನೀಡಿದ ಸ್ಪಷ್ಟನೆ (4)
13.ಮಾಲೀಕ-ಮುಖ್ಯಸ್ಥನಿತ (4)
15.ಕಲಶ-ಜ್ಯೋತಿಷ್ಯದ ಹನ್ನೆರಡು ರಾಶಿಗಳಲ್ಲೊಂದು (2)
